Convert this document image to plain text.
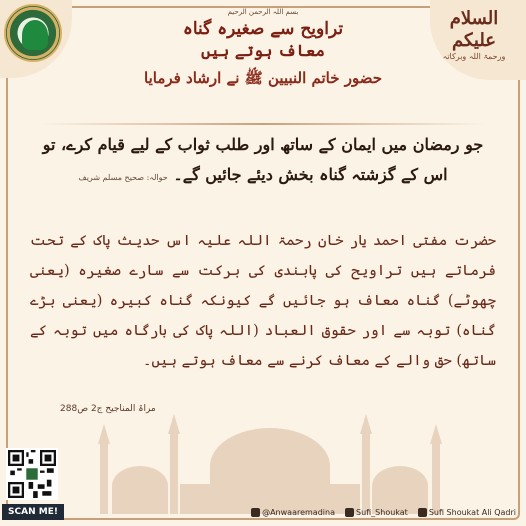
السلام علیکم
ورحمۃ اللہ وبرکاتہ
بسم اللہ الرحمن الرحیم
تراویح سے صغیرہ گناہ
معاف ہوتے ہیں
حضور خاتم النبیین ﷺ نے ارشاد فرمایا
جو رمضان میں ایمان کے ساتھ اور طلب ثواب کے لیے قیام کرے، تو اس کے گزشتہ گناہ بخش دیئے جائیں گے۔ حوالہ: صحیح مسلم شریف
حضرت مفتی احمد یار خان رحمۃ اللہ علیہ اس حدیث پاک کے تحت فرماتے ہیں تراویح کی پابندی کی برکت سے سارے صغیرہ (یعنی چھوٹے) گناہ معاف ہو جائیں گے کیونکہ گناہ کبیرہ (یعنی بڑے گناہ) توبہ سے اور حقوق العباد (اللہ پاک کی بارگاہ میں توبہ کے ساتھ) حق والے کے معاف کرنے سے معاف ہوتے ہیں۔
مراۃ المناجیح ج2 ص288
SCAN ME!	@Anwaaremadina	Sufi_Shoukat	Sufi Shoukat Ali Qadri
